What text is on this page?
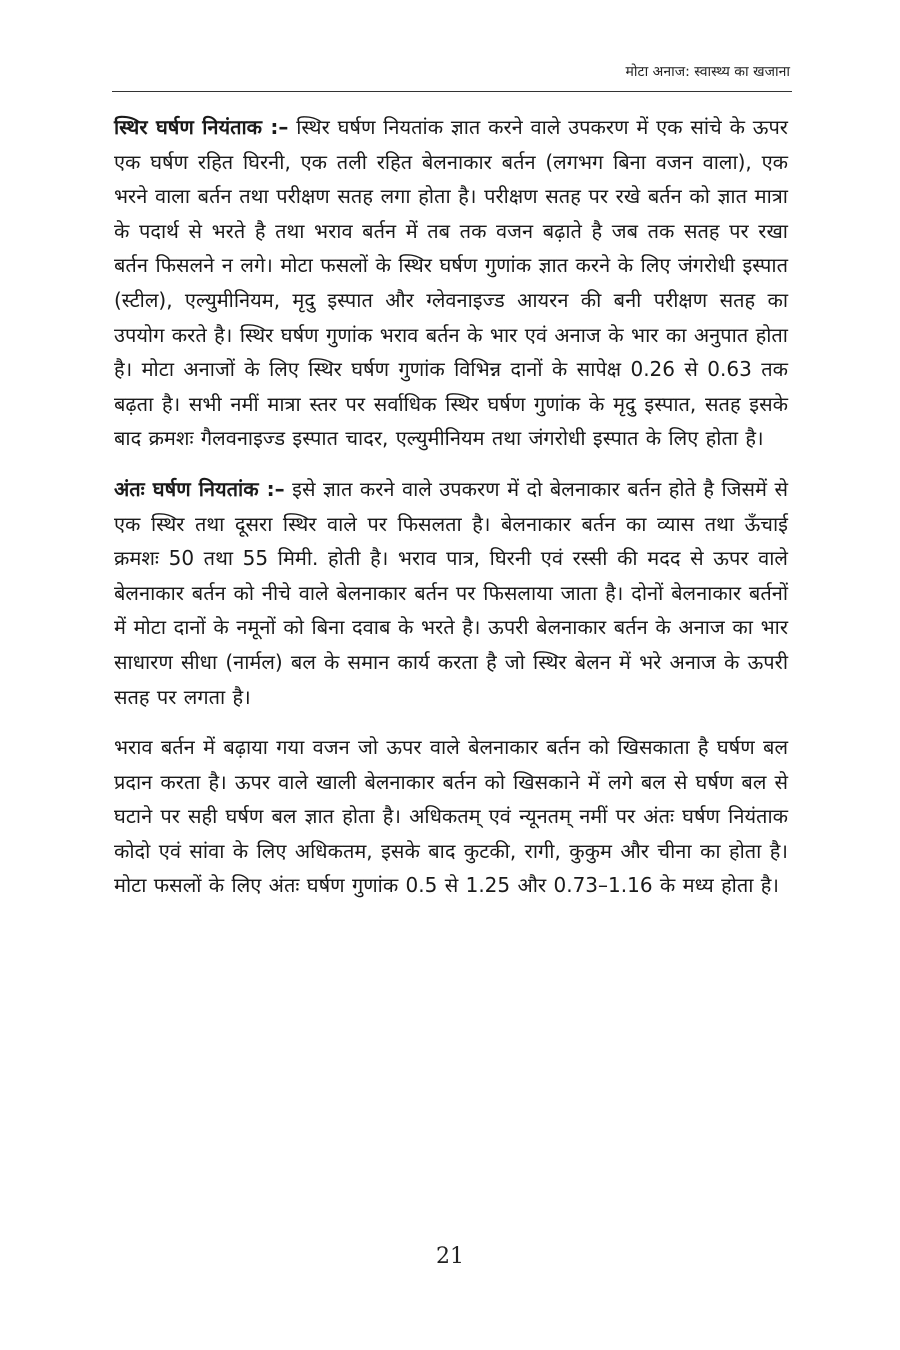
मोटा अनाज: स्वास्थ्य का खजाना

स्थिर घर्षण नियंताक :– स्थिर घर्षण नियतांक ज्ञात करने वाले उपकरण में एक सांचे के ऊपर एक घर्षण रहित घिरनी, एक तली रहित बेलनाकार बर्तन (लगभग बिना वजन वाला), एक भरने वाला बर्तन तथा परीक्षण सतह लगा होता है। परीक्षण सतह पर रखे बर्तन को ज्ञात मात्रा के पदार्थ से भरते है तथा भराव बर्तन में तब तक वजन बढ़ाते है जब तक सतह पर रखा बर्तन फिसलने न लगे। मोटा फसलों के स्थिर घर्षण गुणांक ज्ञात करने के लिए जंगरोधी इस्पात (स्टील), एल्युमीनियम, मृदु इस्पात और ग्लेवनाइज्ड आयरन की बनी परीक्षण सतह का उपयोग करते है। स्थिर घर्षण गुणांक भराव बर्तन के भार एवं अनाज के भार का अनुपात होता है। मोटा अनाजों के लिए स्थिर घर्षण गुणांक विभिन्न दानों के सापेक्ष 0.26 से 0.63 तक बढ़ता है। सभी नमीं मात्रा स्तर पर सर्वाधिक स्थिर घर्षण गुणांक के मृदु इस्पात, सतह इसके बाद क्रमशः गैलवनाइज्ड इस्पात चादर, एल्युमीनियम तथा जंगरोधी इस्पात के लिए होता है।

अंतः घर्षण नियतांक :– इसे ज्ञात करने वाले उपकरण में दो बेलनाकार बर्तन होते है जिसमें से एक स्थिर तथा दूसरा स्थिर वाले पर फिसलता है। बेलनाकार बर्तन का व्यास तथा ऊँचाई क्रमशः 50 तथा 55 मिमी. होती है। भराव पात्र, घिरनी एवं रस्सी की मदद से ऊपर वाले बेलनाकार बर्तन को नीचे वाले बेलनाकार बर्तन पर फिसलाया जाता है। दोनों बेलनाकार बर्तनों में मोटा दानों के नमूनों को बिना दवाब के भरते है। ऊपरी बेलनाकार बर्तन के अनाज का भार साधारण सीधा (नार्मल) बल के समान कार्य करता है जो स्थिर बेलन में भरे अनाज के ऊपरी सतह पर लगता है।

भराव बर्तन में बढ़ाया गया वजन जो ऊपर वाले बेलनाकार बर्तन को खिसकाता है घर्षण बल प्रदान करता है। ऊपर वाले खाली बेलनाकार बर्तन को खिसकाने में लगे बल से घर्षण बल से घटाने पर सही घर्षण बल ज्ञात होता है। अधिकतम् एवं न्यूनतम् नमीं पर अंतः घर्षण नियंताक कोदो एवं सांवा के लिए अधिकतम, इसके बाद कुटकी, रागी, कुकुम और चीना का होता है। मोटा फसलों के लिए अंतः घर्षण गुणांक 0.5 से 1.25 और 0.73–1.16 के मध्य होता है।

21
